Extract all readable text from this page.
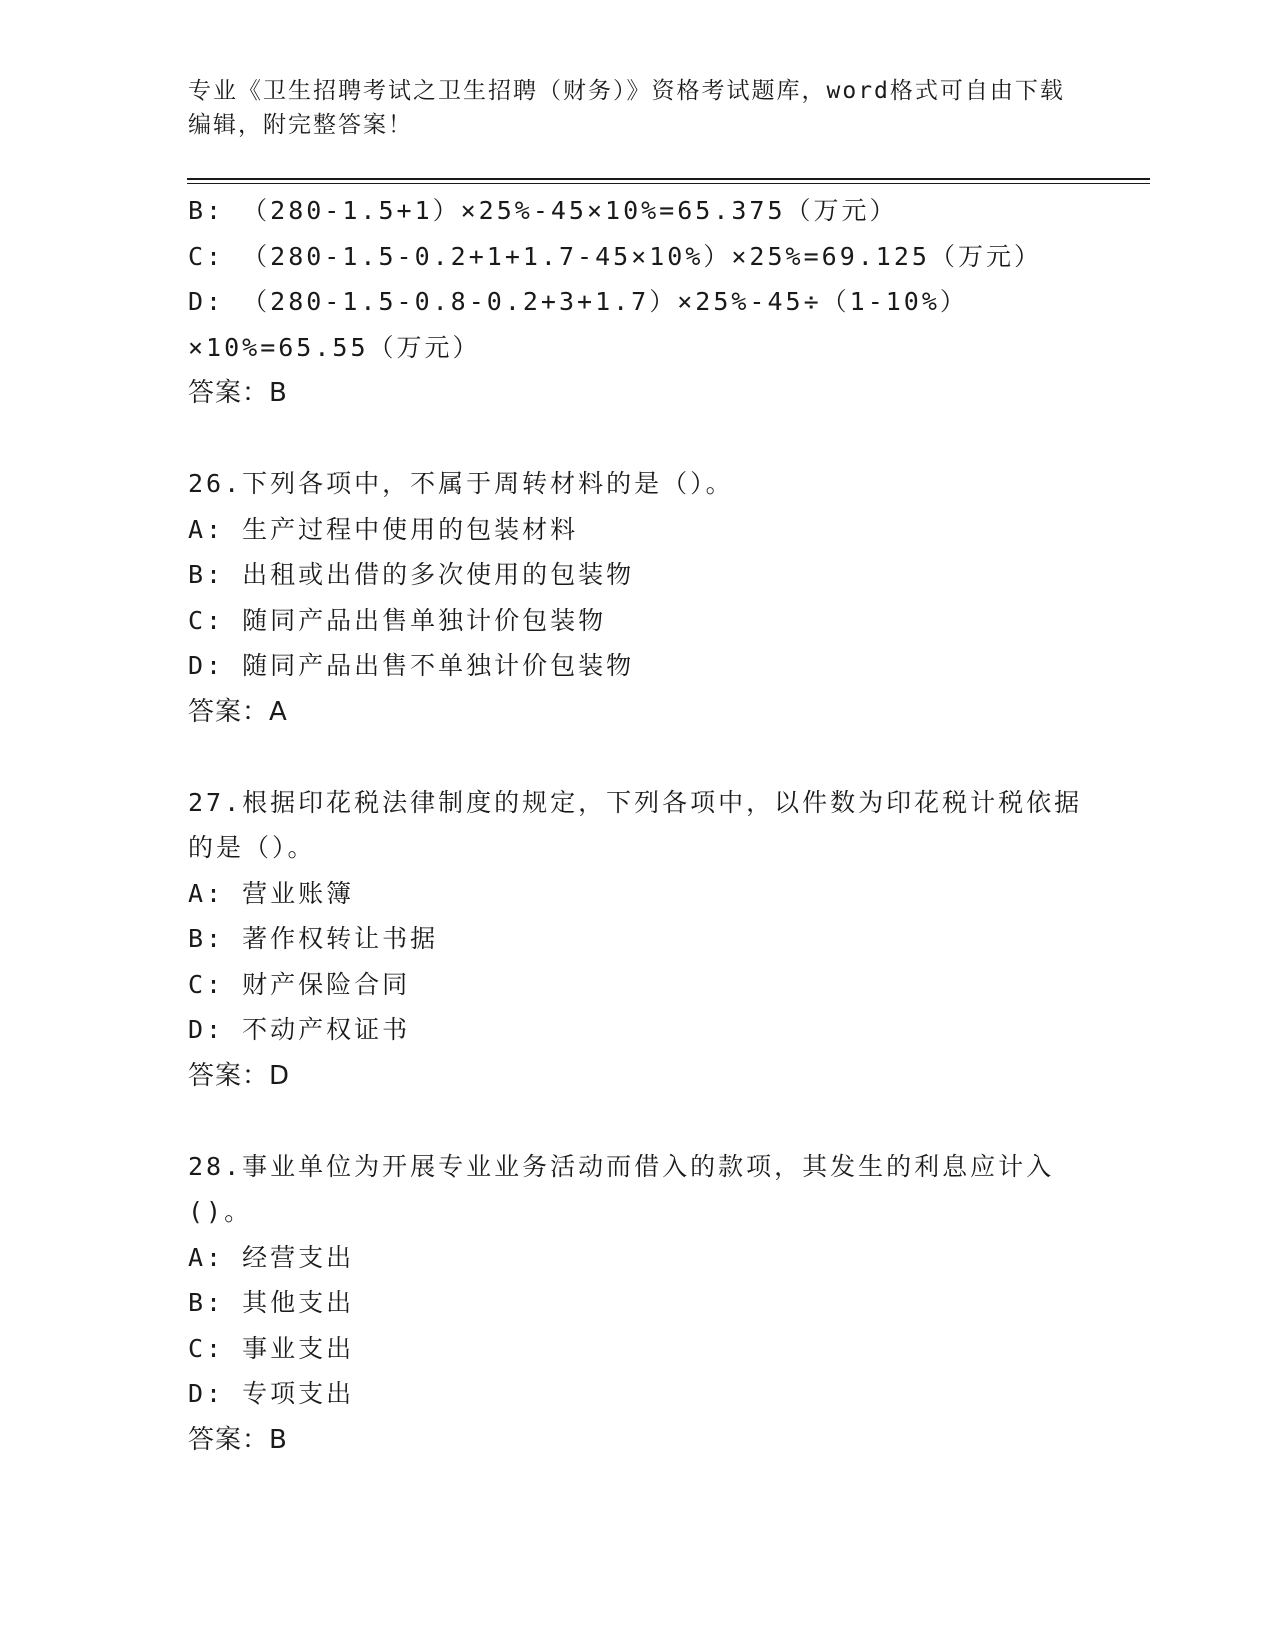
专业《卫生招聘考试之卫生招聘（财务）》资格考试题库，word格式可自由下载编辑，附完整答案！
B: （280-1.5+1）×25%-45×10%=65.375（万元）
C: （280-1.5-0.2+1+1.7-45×10%）×25%=69.125（万元）
D: （280-1.5-0.8-0.2+3+1.7）×25%-45÷（1-10%）×10%=65.55（万元）
答案：B
26.下列各项中，不属于周转材料的是（）。
A: 生产过程中使用的包装材料
B: 出租或出借的多次使用的包装物
C: 随同产品出售单独计价包装物
D: 随同产品出售不单独计价包装物
答案：A
27.根据印花税法律制度的规定，下列各项中，以件数为印花税计税依据的是（）。
A: 营业账簿
B: 著作权转让书据
C: 财产保险合同
D: 不动产权证书
答案：D
28.事业单位为开展专业业务活动而借入的款项，其发生的利息应计入()。
A: 经营支出
B: 其他支出
C: 事业支出
D: 专项支出
答案：B
